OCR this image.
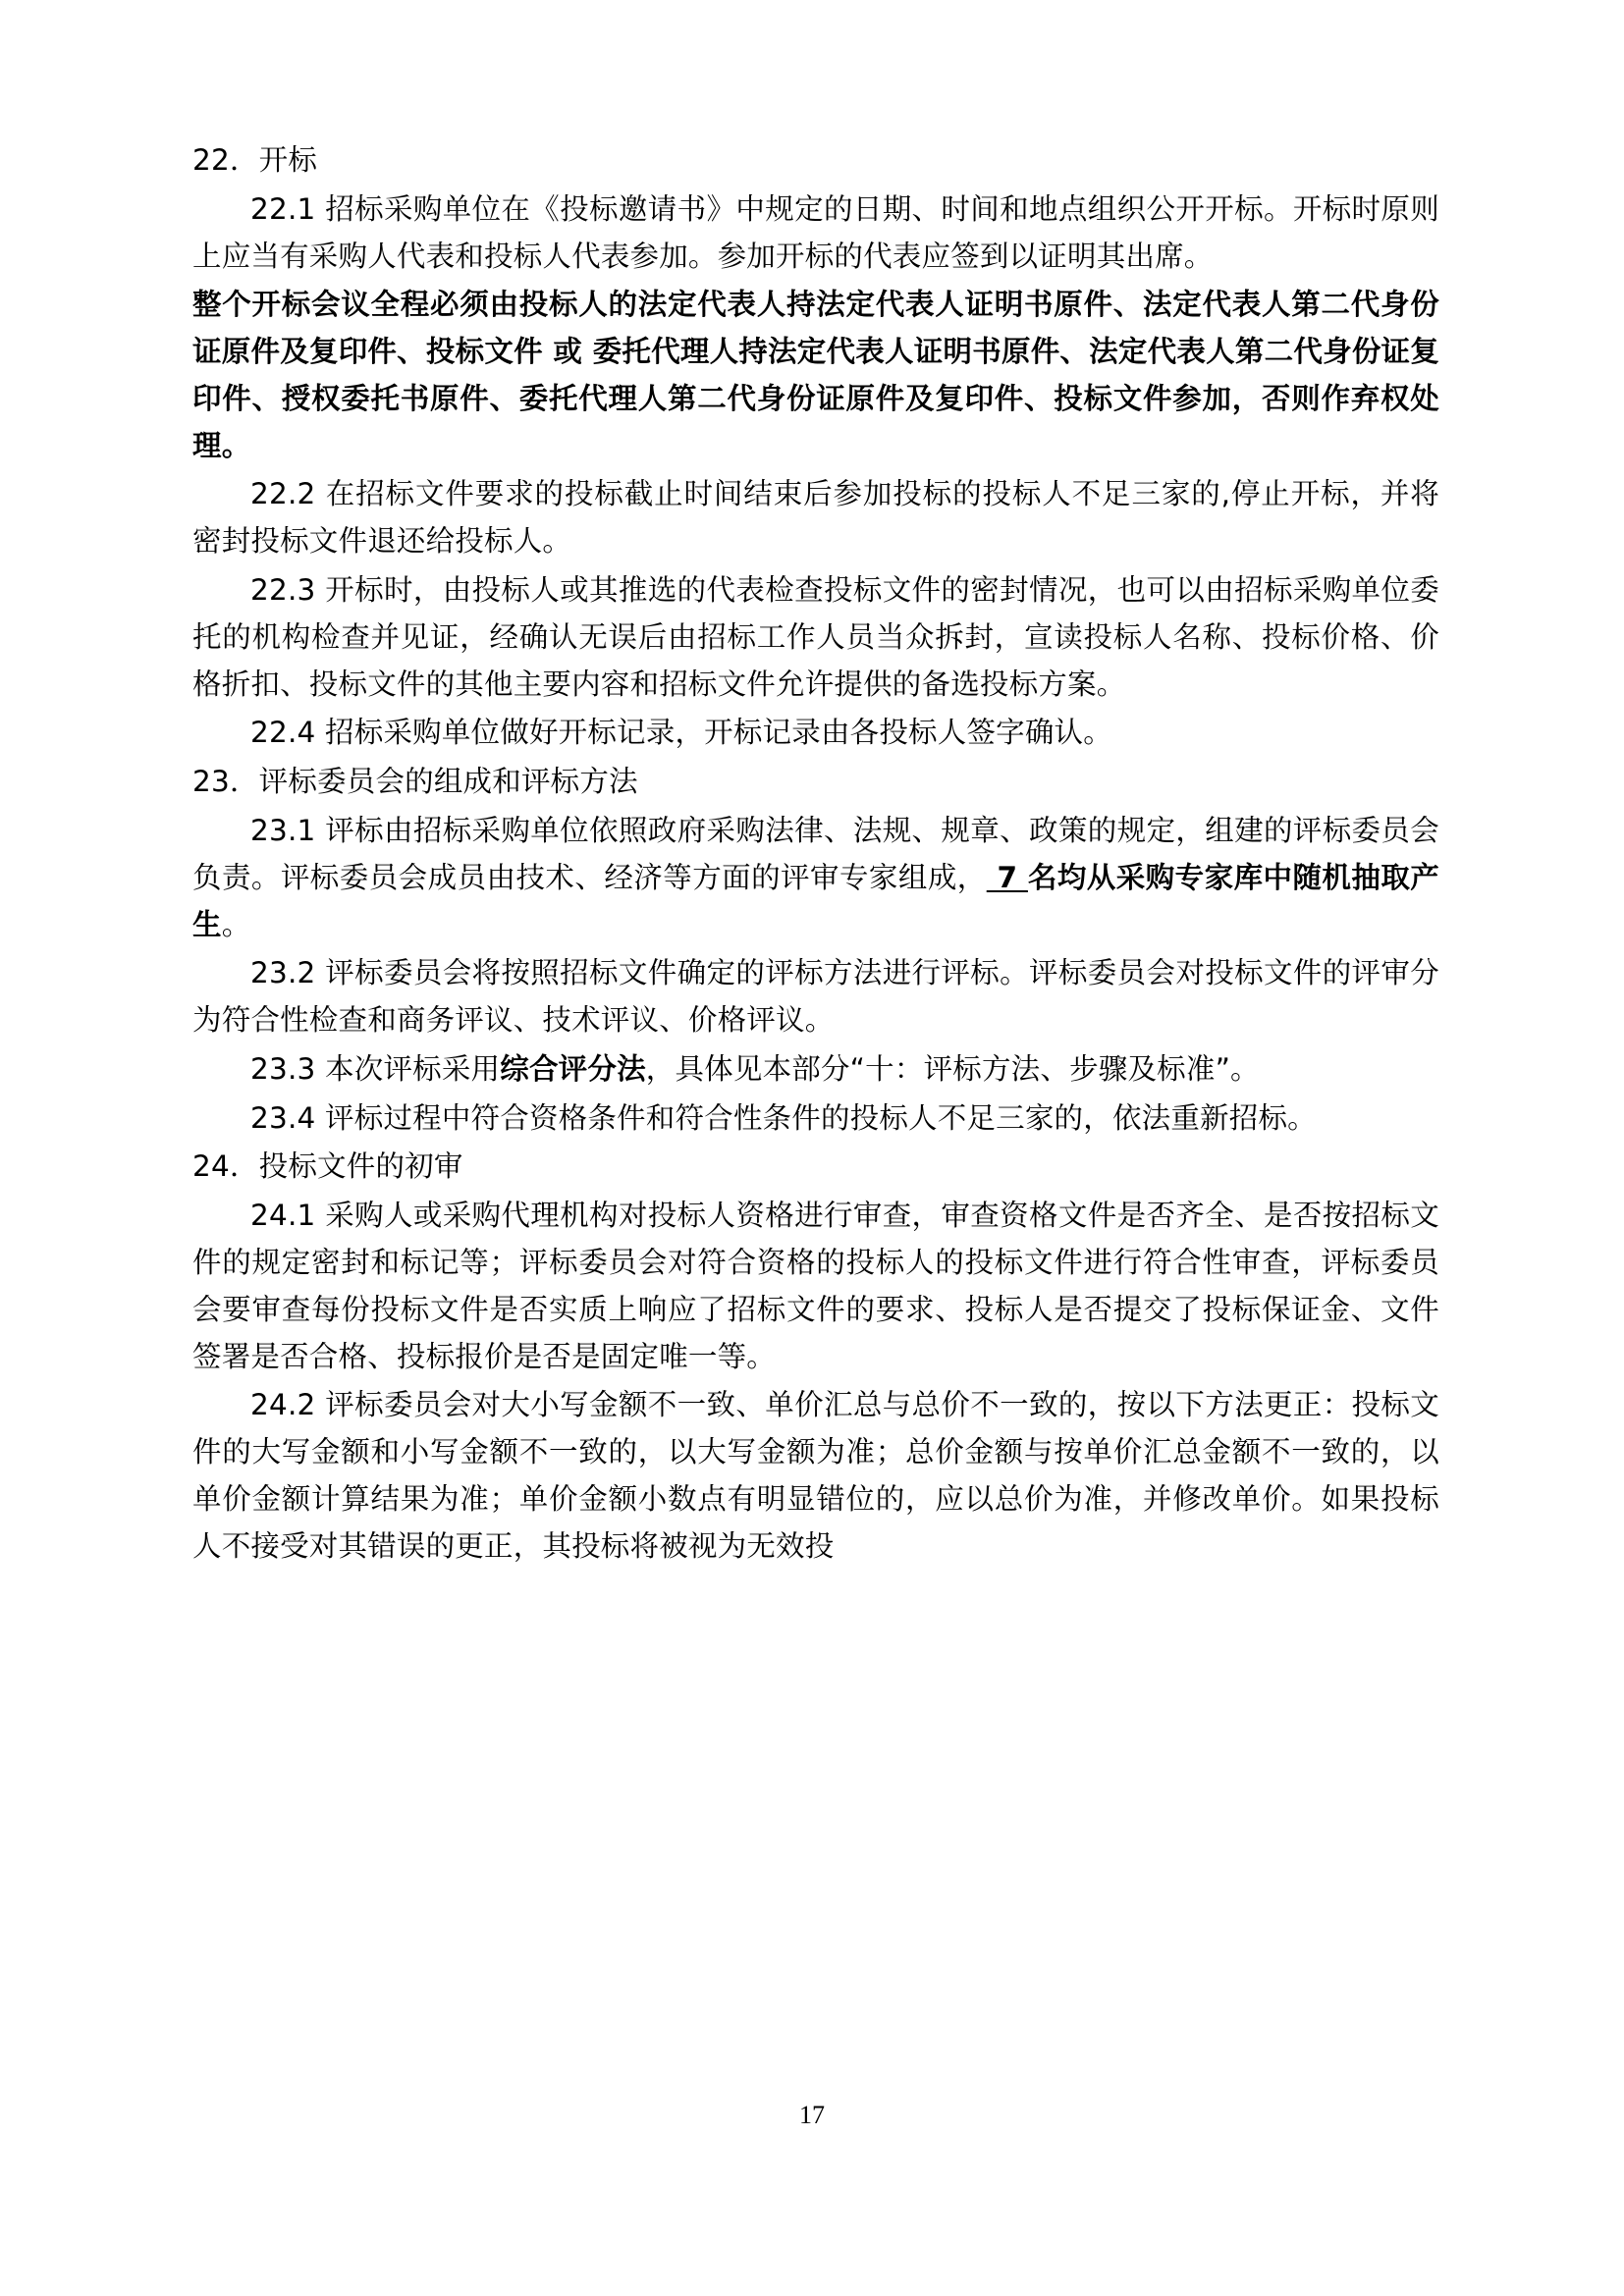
22．开标

22.1 招标采购单位在《投标邀请书》中规定的日期、时间和地点组织公开开标。开标时原则上应当有采购人代表和投标人代表参加。参加开标的代表应签到以证明其出席。

整个开标会议全程必须由投标人的法定代表人持法定代表人证明书原件、法定代表人第二代身份证原件及复印件、投标文件 或 委托代理人持法定代表人证明书原件、法定代表人第二代身份证复印件、授权委托书原件、委托代理人第二代身份证原件及复印件、投标文件参加，否则作弃权处理。

22.2 在招标文件要求的投标截止时间结束后参加投标的投标人不足三家的,停止开标，并将密封投标文件退还给投标人。

22.3 开标时，由投标人或其推选的代表检查投标文件的密封情况，也可以由招标采购单位委托的机构检查并见证，经确认无误后由招标工作人员当众拆封，宣读投标人名称、投标价格、价格折扣、投标文件的其他主要内容和招标文件允许提供的备选投标方案。

22.4 招标采购单位做好开标记录，开标记录由各投标人签字确认。

23．评标委员会的组成和评标方法

23.1 评标由招标采购单位依照政府采购法律、法规、规章、政策的规定，组建的评标委员会负责。评标委员会成员由技术、经济等方面的评审专家组成， 7 名均从采购专家库中随机抽取产生。

23.2 评标委员会将按照招标文件确定的评标方法进行评标。评标委员会对投标文件的评审分为符合性检查和商务评议、技术评议、价格评议。

23.3 本次评标采用综合评分法，具体见本部分“十：评标方法、步骤及标准”。

23.4 评标过程中符合资格条件和符合性条件的投标人不足三家的，依法重新招标。

24．投标文件的初审

24.1 采购人或采购代理机构对投标人资格进行审查，审查资格文件是否齐全、是否按招标文件的规定密封和标记等；评标委员会对符合资格的投标人的投标文件进行符合性审查，评标委员会要审查每份投标文件是否实质上响应了招标文件的要求、投标人是否提交了投标保证金、文件签署是否合格、投标报价是否是固定唯一等。

24.2 评标委员会对大小写金额不一致、单价汇总与总价不一致的，按以下方法更正：投标文件的大写金额和小写金额不一致的，以大写金额为准；总价金额与按单价汇总金额不一致的，以单价金额计算结果为准；单价金额小数点有明显错位的，应以总价为准，并修改单价。如果投标人不接受对其错误的更正，其投标将被视为无效投

17
